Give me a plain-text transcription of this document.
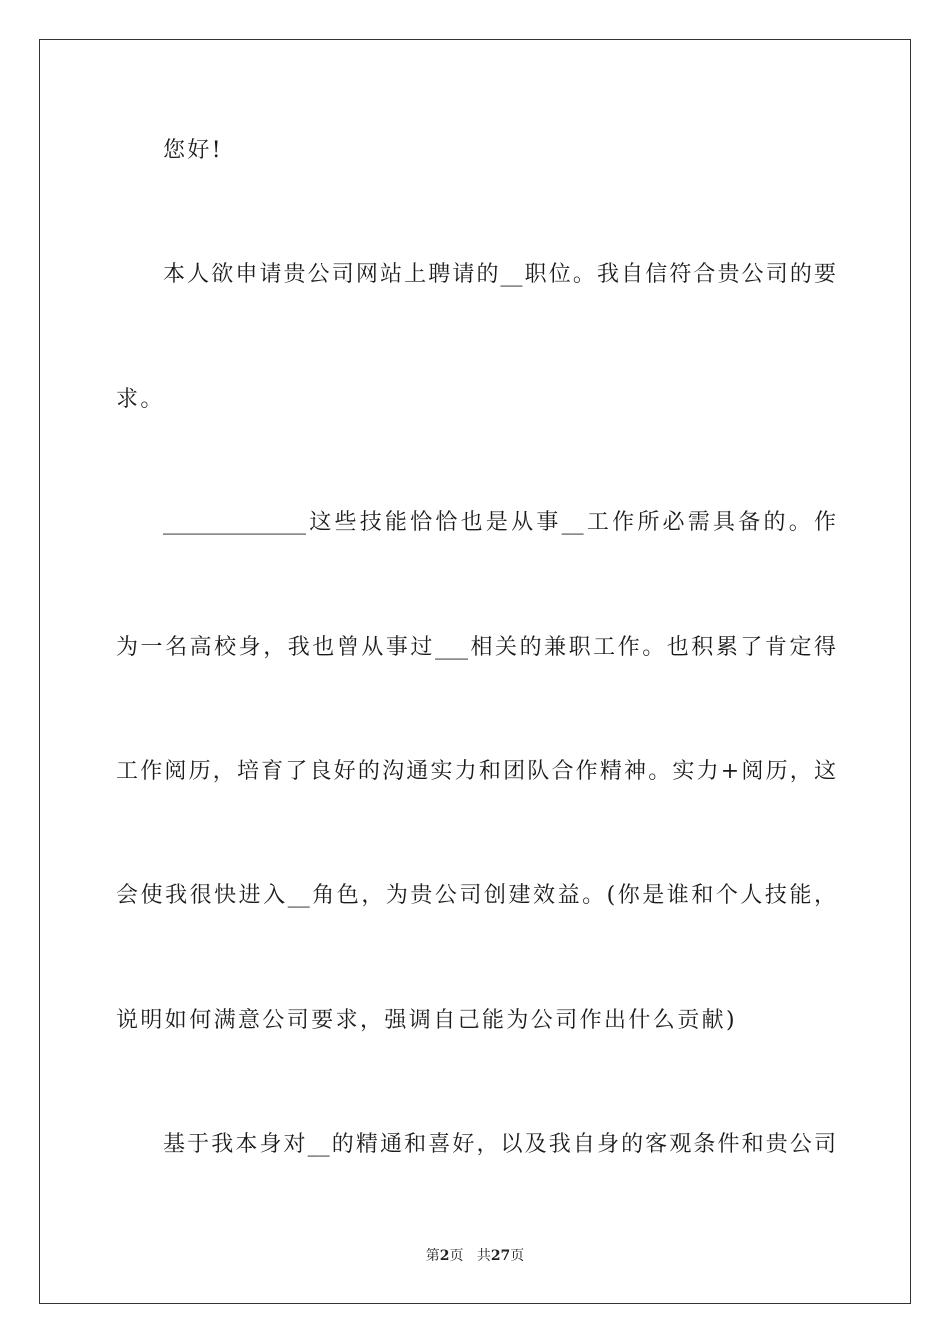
您好!
本人欲申请贵公司网站上聘请的__职位。我自信符合贵公司的要
求。
_____________这些技能恰恰也是从事__工作所必需具备的。作
为一名高校身，我也曾从事过___相关的兼职工作。也积累了肯定得
工作阅历，培育了良好的沟通实力和团队合作精神。实力+阅历，这
会使我很快进入__角色，为贵公司创建效益。(你是谁和个人技能，
说明如何满意公司要求，强调自己能为公司作出什么贡献)
基于我本身对__的精通和喜好，以及我自身的客观条件和贵公司
第2页 共27页
